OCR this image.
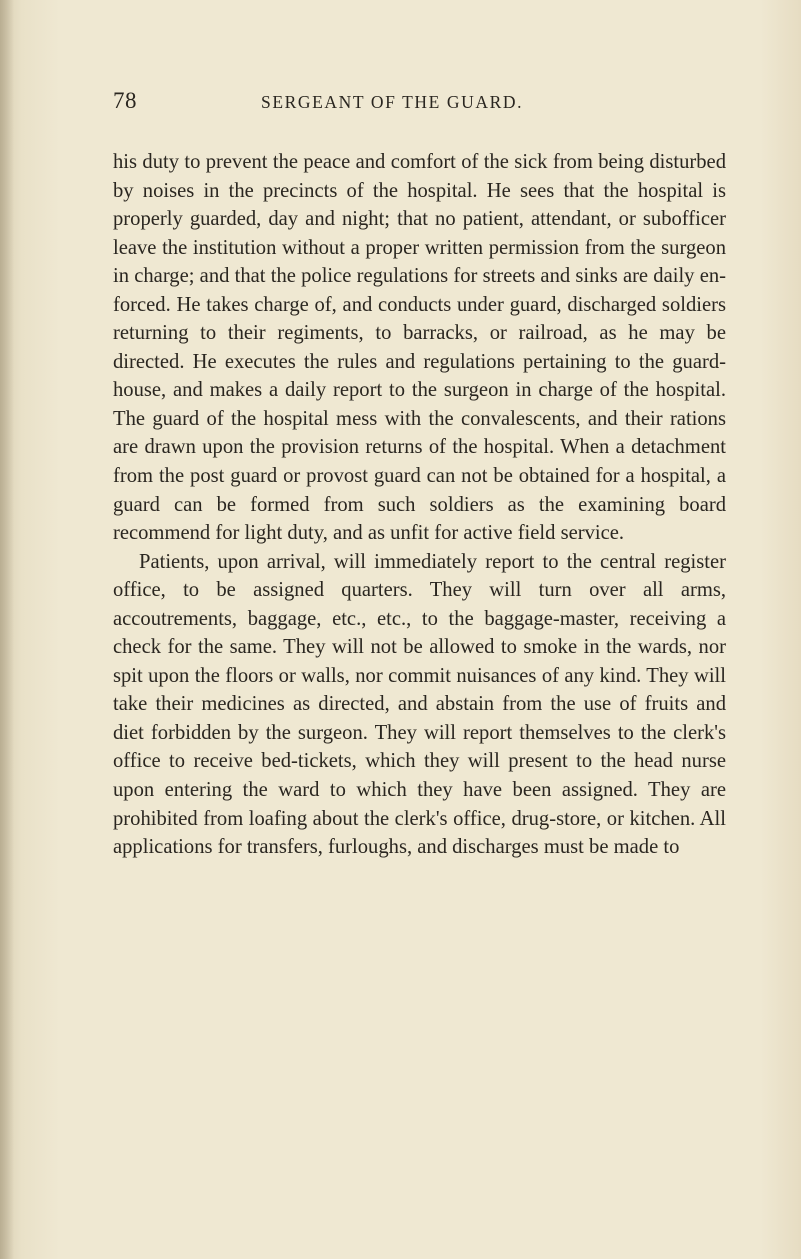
78	SERGEANT OF THE GUARD.

his duty to prevent the peace and comfort of the sick from being disturbed by noises in the precincts of the hospital. He sees that the hospital is properly guarded, day and night; that no patient, attendant, or subofficer leave the institution without a proper written permission from the surgeon in charge; and that the police regulations for streets and sinks are daily enforced. He takes charge of, and conducts under guard, discharged soldiers returning to their regiments, to barracks, or railroad, as he may be directed. He executes the rules and regulations pertaining to the guardhouse, and makes a daily report to the surgeon in charge of the hospital. The guard of the hospital mess with the convalescents, and their rations are drawn upon the provision returns of the hospital. When a detachment from the post guard or provost guard can not be obtained for a hospital, a guard can be formed from such soldiers as the examining board recommend for light duty, and as unfit for active field service.

Patients, upon arrival, will immediately report to the central register office, to be assigned quarters. They will turn over all arms, accoutrements, baggage, etc., etc., to the baggage-master, receiving a check for the same. They will not be allowed to smoke in the wards, nor spit upon the floors or walls, nor commit nuisances of any kind. They will take their medicines as directed, and abstain from the use of fruits and diet forbidden by the surgeon. They will report themselves to the clerk's office to receive bed-tickets, which they will present to the head nurse upon entering the ward to which they have been assigned. They are prohibited from loafing about the clerk's office, drug-store, or kitchen. All applications for transfers, furloughs, and discharges must be made to
